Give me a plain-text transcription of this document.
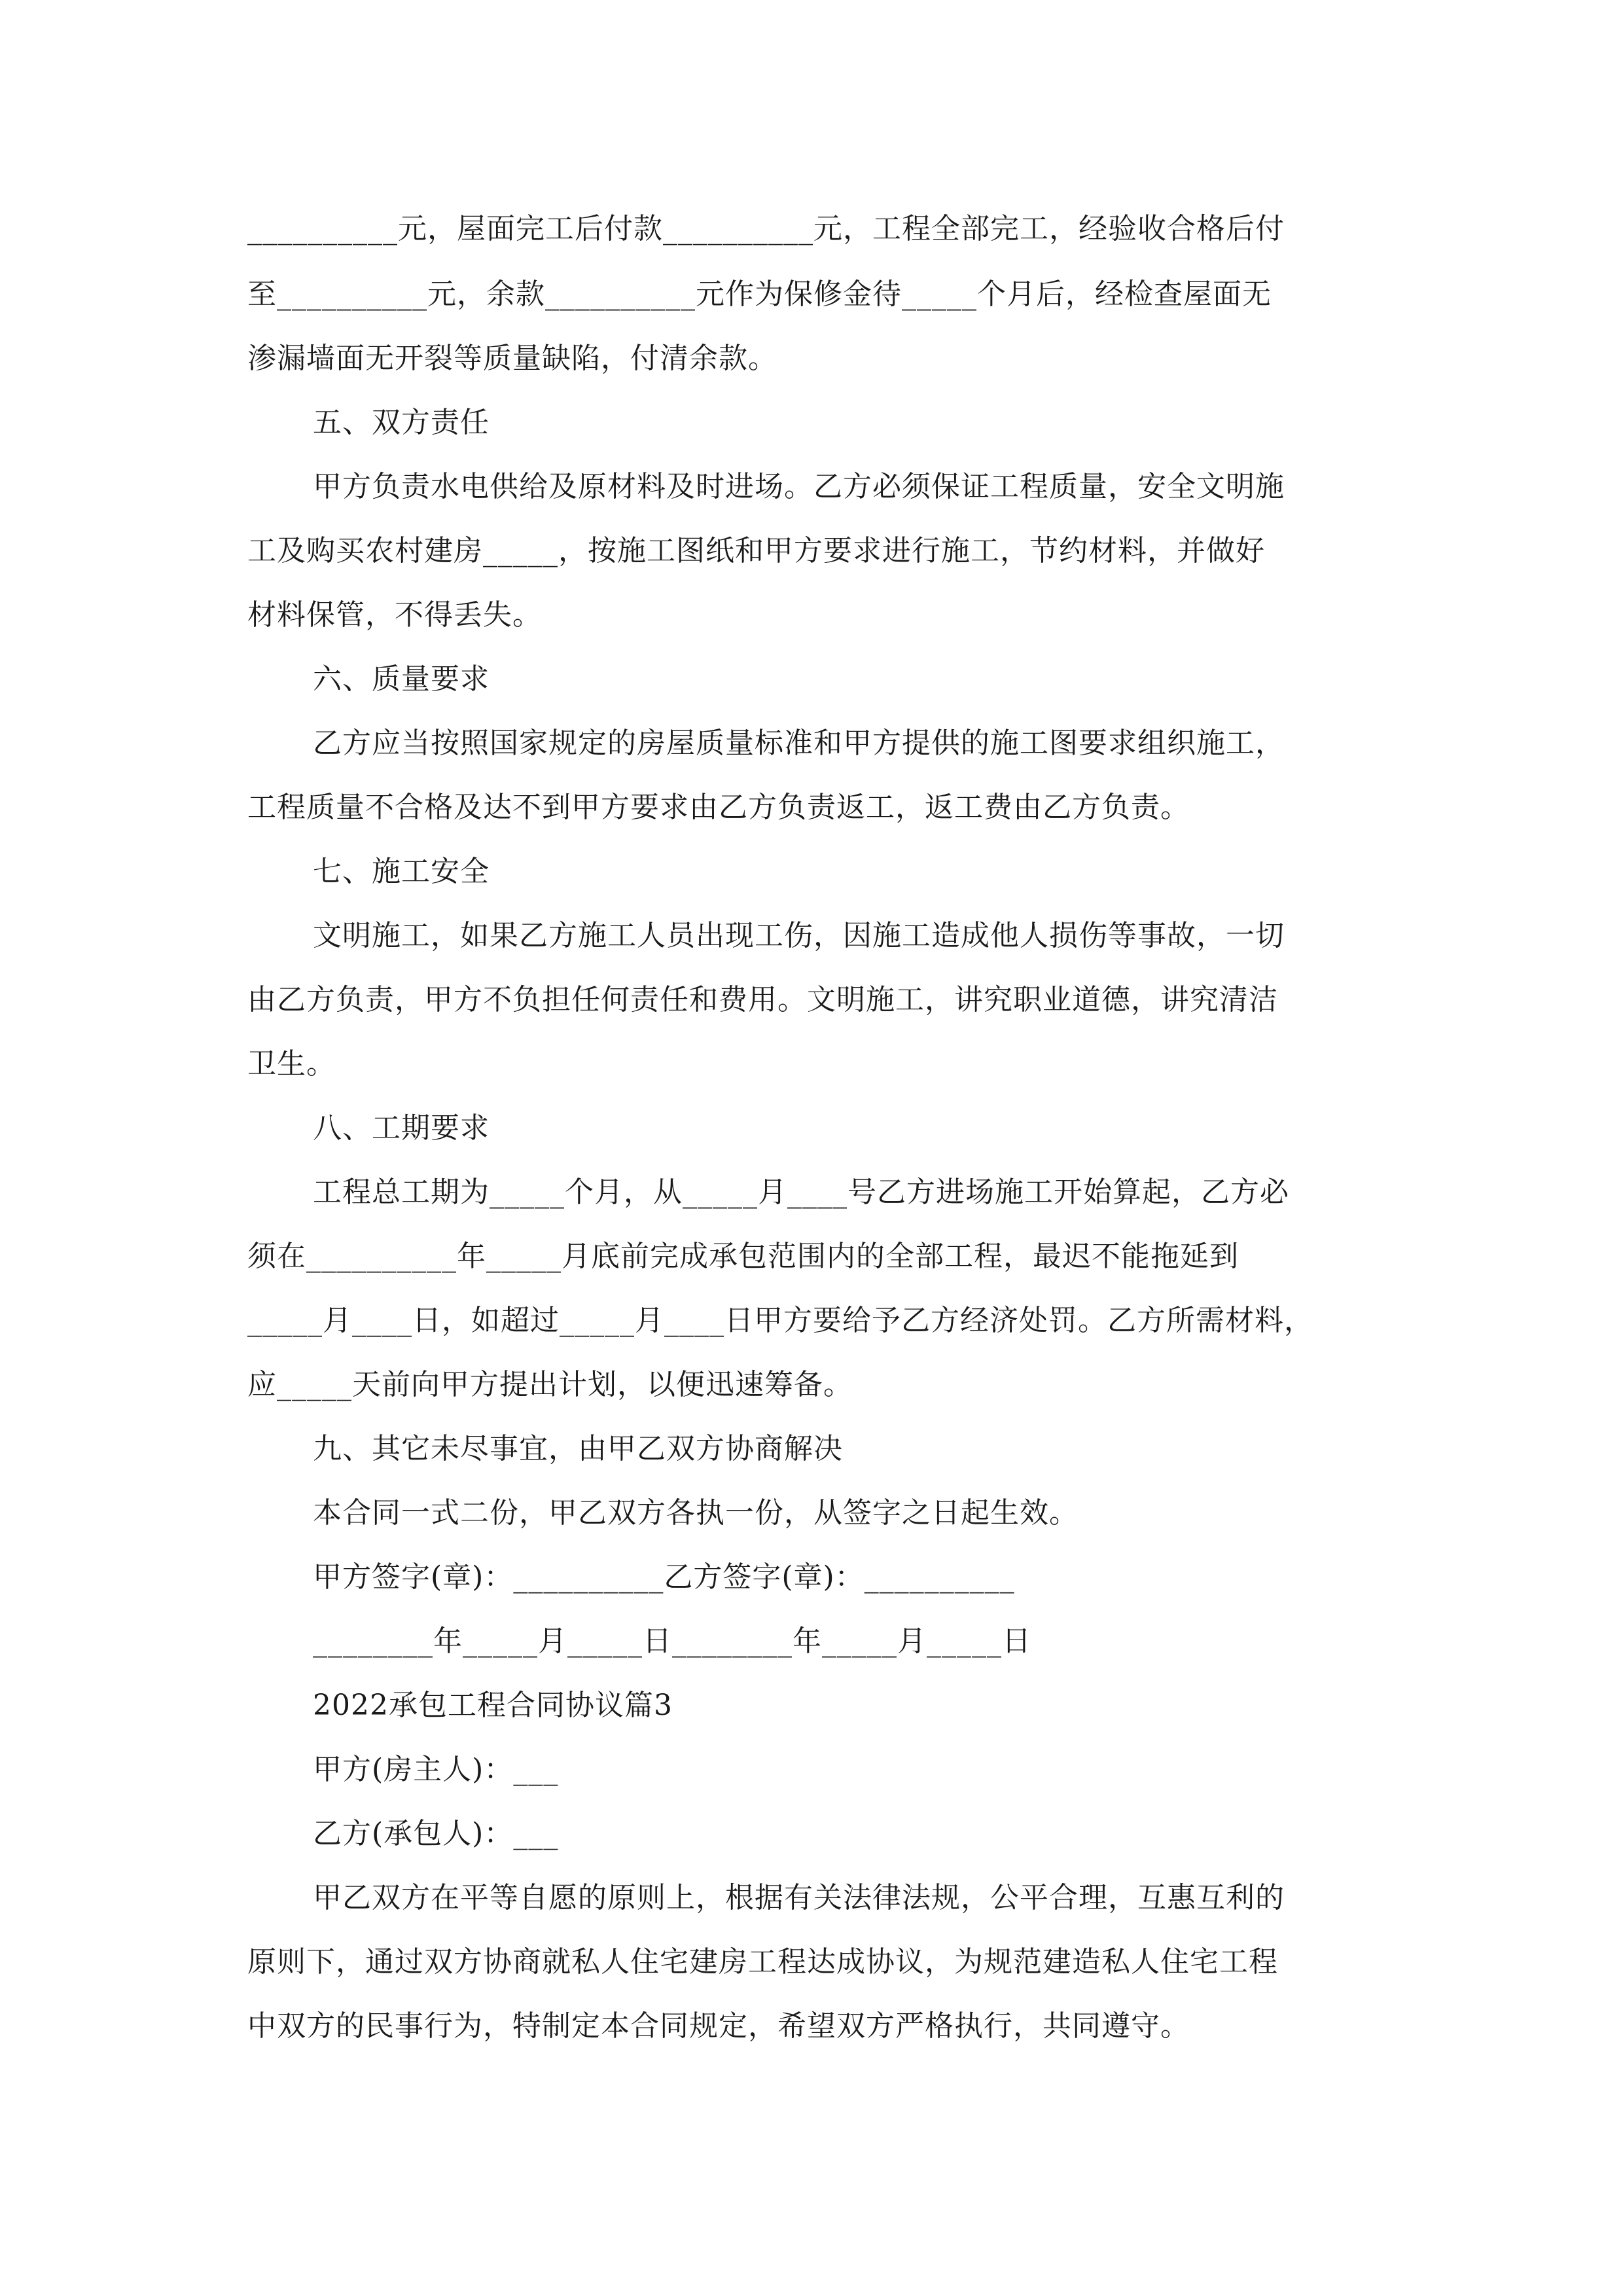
__________元，屋面完工后付款__________元，工程全部完工，经验收合格后付
至__________元，余款__________元作为保修金待_____个月后，经检查屋面无
渗漏墙面无开裂等质量缺陷，付清余款。
五、双方责任
甲方负责水电供给及原材料及时进场。乙方必须保证工程质量，安全文明施
工及购买农村建房_____，按施工图纸和甲方要求进行施工，节约材料，并做好
材料保管，不得丢失。
六、质量要求
乙方应当按照国家规定的房屋质量标准和甲方提供的施工图要求组织施工，
工程质量不合格及达不到甲方要求由乙方负责返工，返工费由乙方负责。
七、施工安全
文明施工，如果乙方施工人员出现工伤，因施工造成他人损伤等事故，一切
由乙方负责，甲方不负担任何责任和费用。文明施工，讲究职业道德，讲究清洁
卫生。
八、工期要求
工程总工期为_____个月，从_____月____号乙方进场施工开始算起，乙方必
须在__________年_____月底前完成承包范围内的全部工程，最迟不能拖延到
_____月____日，如超过_____月____日甲方要给予乙方经济处罚。乙方所需材料，
应_____天前向甲方提出计划，以便迅速筹备。
九、其它未尽事宜，由甲乙双方协商解决
本合同一式二份，甲乙双方各执一份，从签字之日起生效。
甲方签字(章)：__________乙方签字(章)：__________
________年_____月_____日________年_____月_____日
2022承包工程合同协议篇3
甲方(房主人)：___
乙方(承包人)：___
甲乙双方在平等自愿的原则上，根据有关法律法规，公平合理，互惠互利的
原则下，通过双方协商就私人住宅建房工程达成协议，为规范建造私人住宅工程
中双方的民事行为，特制定本合同规定，希望双方严格执行，共同遵守。
